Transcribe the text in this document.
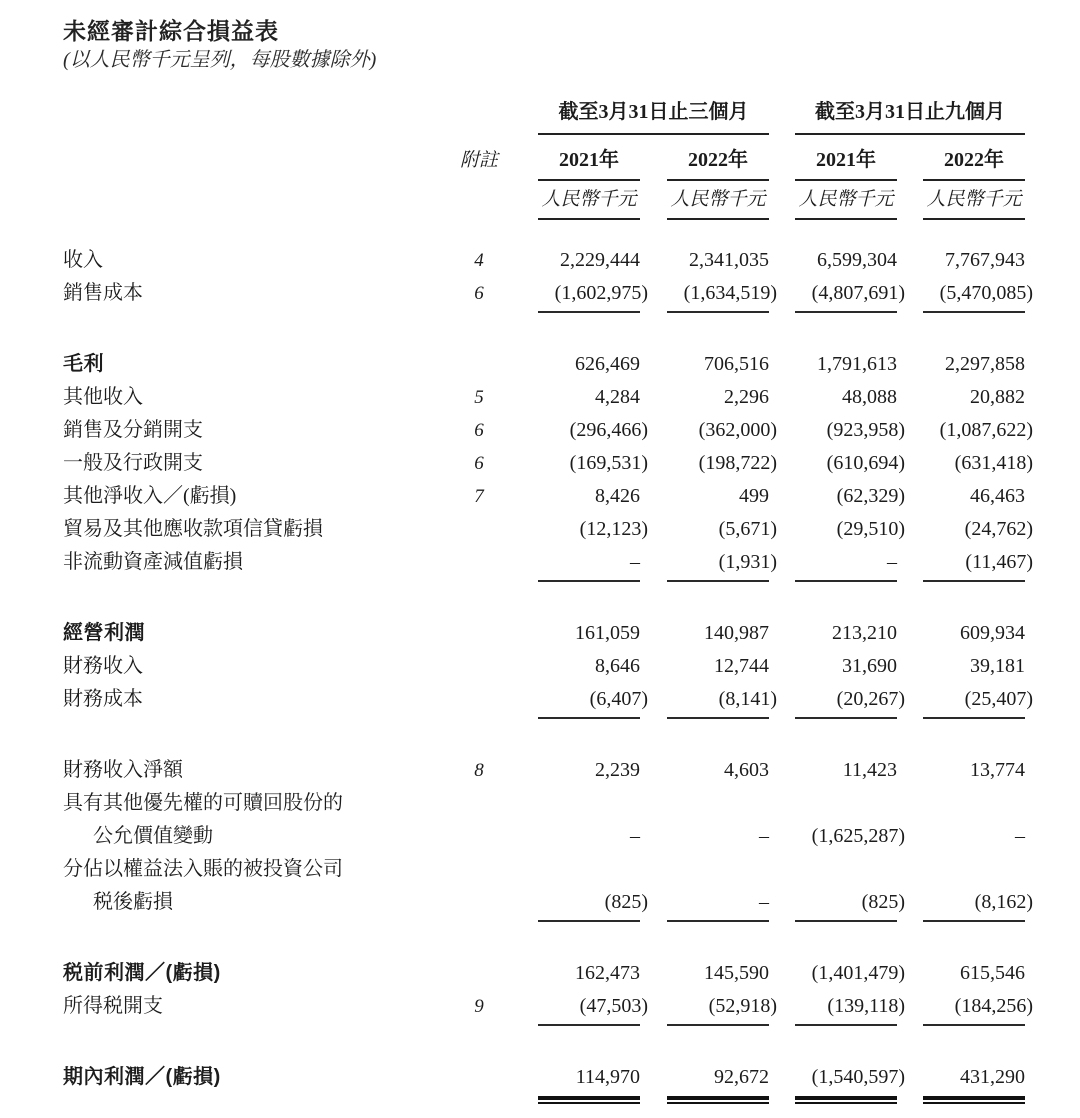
未經審計綜合損益表
(以人民幣千元呈列，每股數據除外)
截至3月31日止三個月	截至3月31日止九個月
附註	2021年	2022年	2021年	2022年
人民幣千元 人民幣千元 人民幣千元 人民幣千元
收入	4	2,229,444	2,341,035	6,599,304	7,767,943
銷售成本	6	(1,602,975)	(1,634,519)	(4,807,691)	(5,470,085)
毛利	626,469	706,516	1,791,613	2,297,858
其他收入	5	4,284	2,296	48,088	20,882
銷售及分銷開支	6	(296,466)	(362,000)	(923,958)	(1,087,622)
一般及行政開支	6	(169,531)	(198,722)	(610,694)	(631,418)
其他淨收入／(虧損)	7	8,426	499	(62,329)	46,463
貿易及其他應收款項信貸虧損	(12,123)	(5,671)	(29,510)	(24,762)
非流動資產減值虧損	–	(1,931)	–	(11,467)
經營利潤	161,059	140,987	213,210	609,934
財務收入	8,646	12,744	31,690	39,181
財務成本	(6,407)	(8,141)	(20,267)	(25,407)
財務收入淨額	8	2,239	4,603	11,423	13,774
具有其他優先權的可贖回股份的
公允價值變動	–	–	(1,625,287)	–
分佔以權益法入賬的被投資公司
税後虧損	(825)	–	(825)	(8,162)
税前利潤／(虧損)	162,473	145,590	(1,401,479)	615,546
所得税開支	9	(47,503)	(52,918)	(139,118)	(184,256)
期內利潤／(虧損)	114,970	92,672	(1,540,597)	431,290
